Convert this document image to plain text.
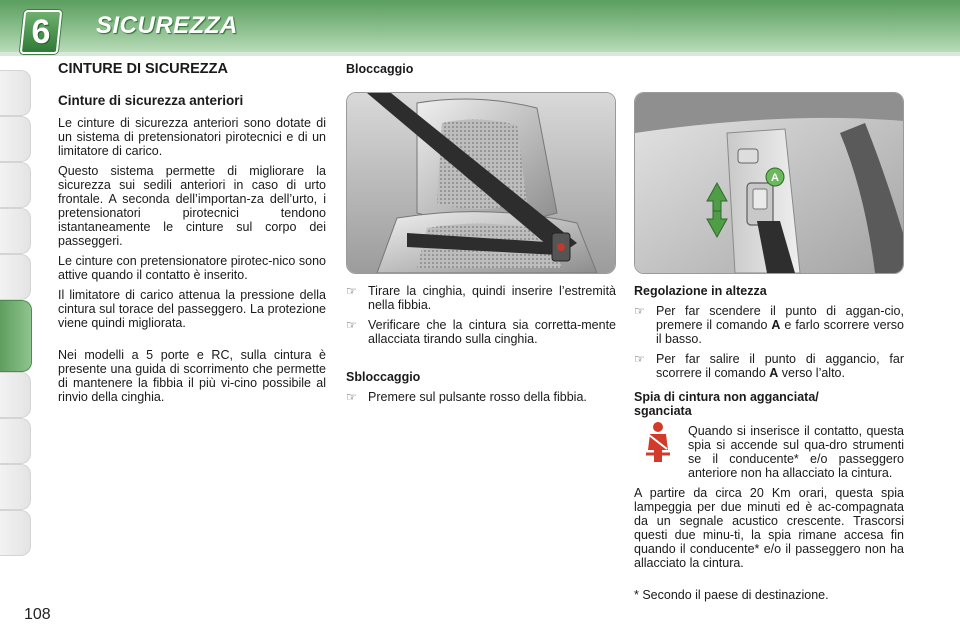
6	SICUREZZA
CINTURE DI SICUREZZA
Cinture di sicurezza anteriori

Le cinture di sicurezza anteriori sono dotate di un sistema di pretensionatori pirotecnici e di un limitatore di carico.

Questo sistema permette di migliorare la sicurezza sui sedili anteriori in caso di urto frontale. A seconda dell’importan-za dell’urto, i pretensionatori pirotecnici tendono istantaneamente le cinture sul corpo dei passeggeri.

Le cinture con pretensionatore pirotec-nico sono attive quando il contatto è inserito.

Il limitatore di carico attenua la pressione della cintura sul torace del passeggero. La protezione viene quindi migliorata.

Nei modelli a 5 porte e RC, sulla cintura è presente una guida di scorrimento che permette di mantenere la fibbia il più vi-cino possibile al rinvio della cinghia.

Bloccaggio
☞ Tirare la cinghia, quindi inserire l’estremità nella fibbia.
☞ Verificare che la cintura sia corretta-mente allacciata tirando sulla cinghia.
Sbloccaggio
☞ Premere sul pulsante rosso della fibbia.
A
Regolazione in altezza
☞ Per far scendere il punto di aggan-cio, premere il comando A e farlo scorrere verso il basso.
☞ Per far salire il punto di aggancio, far scorrere il comando A verso l’alto.
Spia di cintura non agganciata/ sganciata

Quando si inserisce il contatto, questa spia si accende sul qua-dro strumenti se il conducente* e/o passeggero anteriore non ha allacciato la cintura.

A partire da circa 20 Km orari, questa spia lampeggia per due minuti ed è ac-compagnata da un segnale acustico crescente. Trascorsi questi due minu-ti, la spia rimane accesa fin quando il conducente* e/o il passeggero non ha allacciato la cintura.

* Secondo il paese di destinazione.

108
